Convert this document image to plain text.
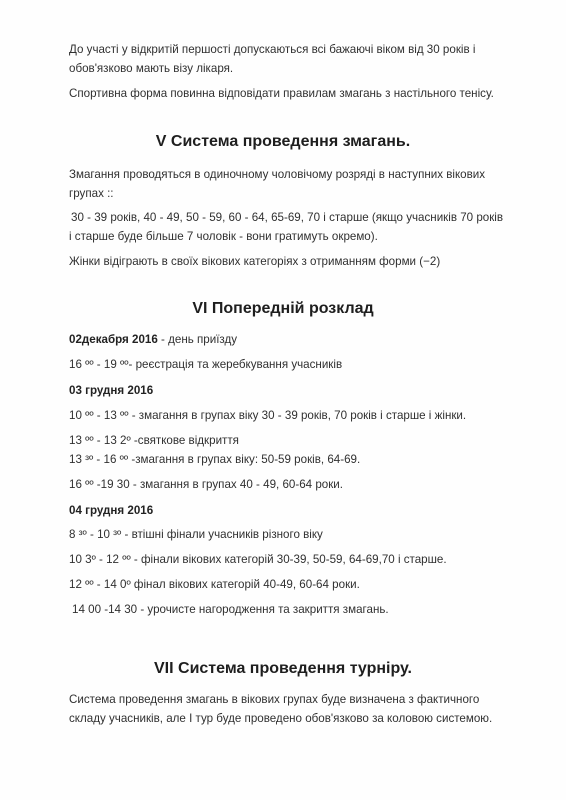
До участі у відкритій першості допускаються всі бажаючі віком від 30 років і
обов'язково мають візу лікаря.
Спортивна форма повинна відповідати правилам змагань з настільного тенісу.
V Система проведення змагань.
Змагання проводяться в одиночному чоловічому розряді в наступних вікових
групах ::
30 - 39 років, 40 - 49, 50 - 59, 60 - 64, 65-69, 70 і старше (якщо учасників 70 років
і старше буде більше 7 чоловік - вони гратимуть окремо).
Жінки відіграють в своїх вікових категоріях з отриманням форми (−2)
VI Попередній розклад
02декабря 2016 - день приїзду
16 ºº - 19 ºº- реєстрація та жеребкування учасників
03 грудня 2016
10 ºº - 13 ºº - змагання в групах віку 30 - 39 років, 70 років і старше і жінки.
13 ºº - 13 2º -святкове відкриття
13 ³º - 16 ºº -змагання в групах віку: 50-59 років, 64-69.
16 ºº -19 30 - змагання в групах 40 - 49, 60-64 роки.
04 грудня 2016
8 ³º - 10 ³º - втішні фінали учасників різного віку
10 3º - 12 ºº - фінали вікових категорій 30-39, 50-59, 64-69,70 і старше.
12 ºº - 14 0º фінал вікових категорій 40-49, 60-64 роки.
14 00 -14 30 - урочисте нагородження та закриття змагань.
VII Система проведення турніру.
Система проведення змагань в вікових групах буде визначена з фактичного
складу учасників, але I тур буде проведено обов'язково за коловою системою.
